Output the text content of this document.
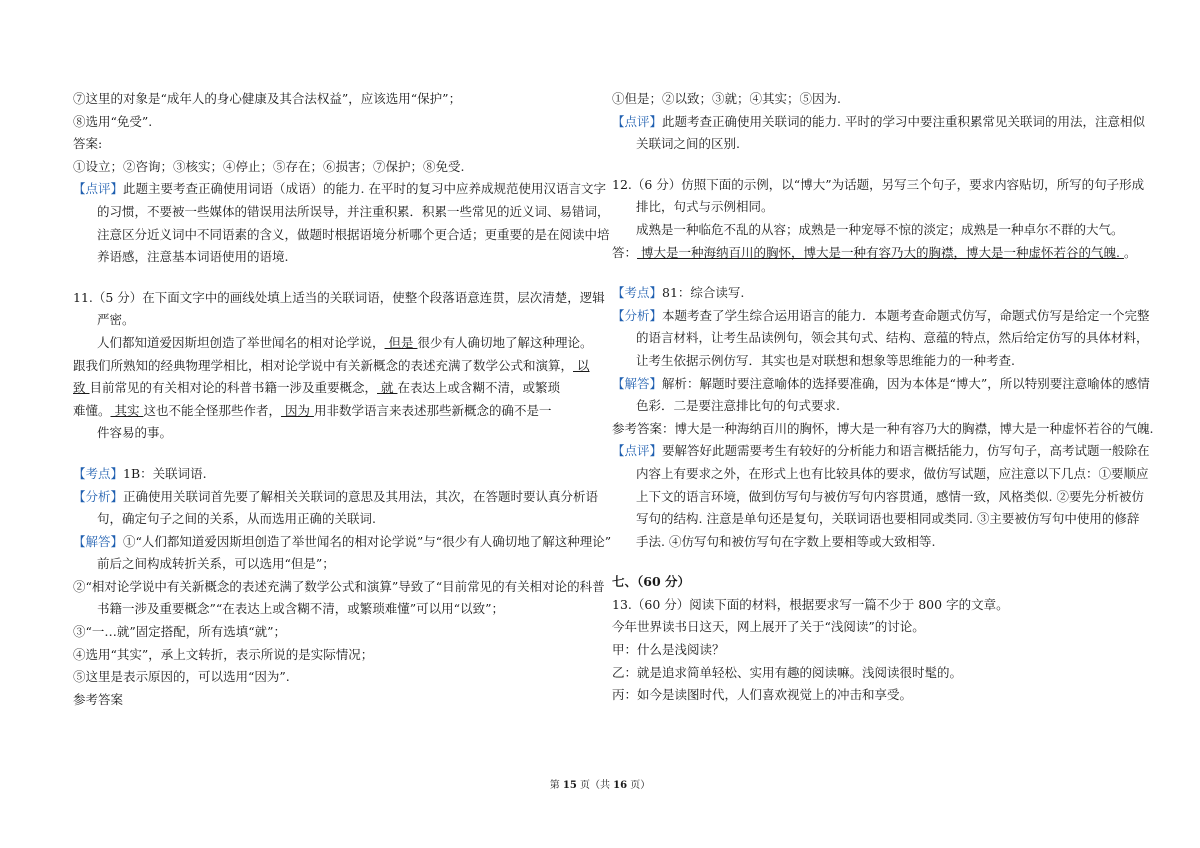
⑦这里的对象是“成年人的身心健康及其合法权益”，应该选用“保护”；

⑧选用“免受”.

答案:

①设立；②咨询；③核实；④停止；⑤存在；⑥损害；⑦保护；⑧免受.

【点评】此题主要考查正确使用词语（成语）的能力. 在平时的复习中应养成规范使用汉语言文字

的习惯，不要被一些媒体的错误用法所误导，并注重积累．积累一些常见的近义词、易错词，

注意区分近义词中不同语素的含义，做题时根据语境分析哪个更合适；更重要的是在阅读中培

养语感，注意基本词语使用的语境.

11.（5 分）在下面文字中的画线处填上适当的关联词语，使整个段落语意连贯，层次清楚，逻辑

严密。

人们都知道爱因斯坦创造了举世闻名的相对论学说， 但是 很少有人确切地了解这种理论。

跟我们所熟知的经典物理学相比，相对论学说中有关新概念的表述充满了数学公式和演算， 以

致 目前常见的有关相对论的科普书籍一涉及重要概念， 就 在表达上或含糊不清，或繁琐

难懂。 其实 这也不能全怪那些作者， 因为 用非数学语言来表述那些新概念的确不是一

件容易的事。

【考点】1B：关联词语.

【分析】正确使用关联词首先要了解相关关联词的意思及其用法，其次，在答题时要认真分析语

句，确定句子之间的关系，从而选用正确的关联词.

【解答】①“人们都知道爱因斯坦创造了举世闻名的相对论学说”与“很少有人确切地了解这种理论”

前后之间构成转折关系，可以选用“但是”；

②“相对论学说中有关新概念的表述充满了数学公式和演算”导致了“目前常见的有关相对论的科普

书籍一涉及重要概念”“在表达上或含糊不清，或繁琐难懂”可以用“以致”；

③“一…就”固定搭配，所有选填“就”；

④选用“其实”，承上文转折，表示所说的是实际情况；

⑤这里是表示原因的，可以选用“因为”.

参考答案

①但是；②以致；③就；④其实；⑤因为.

【点评】此题考查正确使用关联词的能力. 平时的学习中要注重积累常见关联词的用法，注意相似

关联词之间的区别.

12.（6 分）仿照下面的示例，以“博大”为话题，另写三个句子，要求内容贴切，所写的句子形成

排比，句式与示例相同。

成熟是一种临危不乱的从容；成熟是一种宠辱不惊的淡定；成熟是一种卓尔不群的大气。

答： 博大是一种海纳百川的胸怀，博大是一种有容乃大的胸襟，博大是一种虚怀若谷的气魄. 。

【考点】81：综合读写.

【分析】本题考查了学生综合运用语言的能力．本题考查命题式仿写，命题式仿写是给定一个完整

的语言材料，让考生品读例句，领会其句式、结构、意蕴的特点，然后给定仿写的具体材料，

让考生依据示例仿写．其实也是对联想和想象等思维能力的一种考查.

【解答】解析：解题时要注意喻体的选择要准确，因为本体是“博大”，所以特别要注意喻体的感情

色彩．二是要注意排比句的句式要求.

参考答案：博大是一种海纳百川的胸怀，博大是一种有容乃大的胸襟，博大是一种虚怀若谷的气魄.

【点评】要解答好此题需要考生有较好的分析能力和语言概括能力，仿写句子，高考试题一般除在

内容上有要求之外，在形式上也有比较具体的要求，做仿写试题，应注意以下几点：①要顺应

上下文的语言环境，做到仿写句与被仿写句内容贯通，感情一致，风格类似. ②要先分析被仿

写句的结构. 注意是单句还是复句，关联词语也要相同或类同. ③主要被仿写句中使用的修辞

手法. ④仿写句和被仿写句在字数上要相等或大致相等.

七、（60 分）

13.（60 分）阅读下面的材料，根据要求写一篇不少于 800 字的文章。

今年世界读书日这天，网上展开了关于“浅阅读”的讨论。

甲：什么是浅阅读？

乙：就是追求简单轻松、实用有趣的阅读嘛。浅阅读很时髦的。

丙：如今是读图时代，人们喜欢视觉上的冲击和享受。

第 15 页（共 16 页）
